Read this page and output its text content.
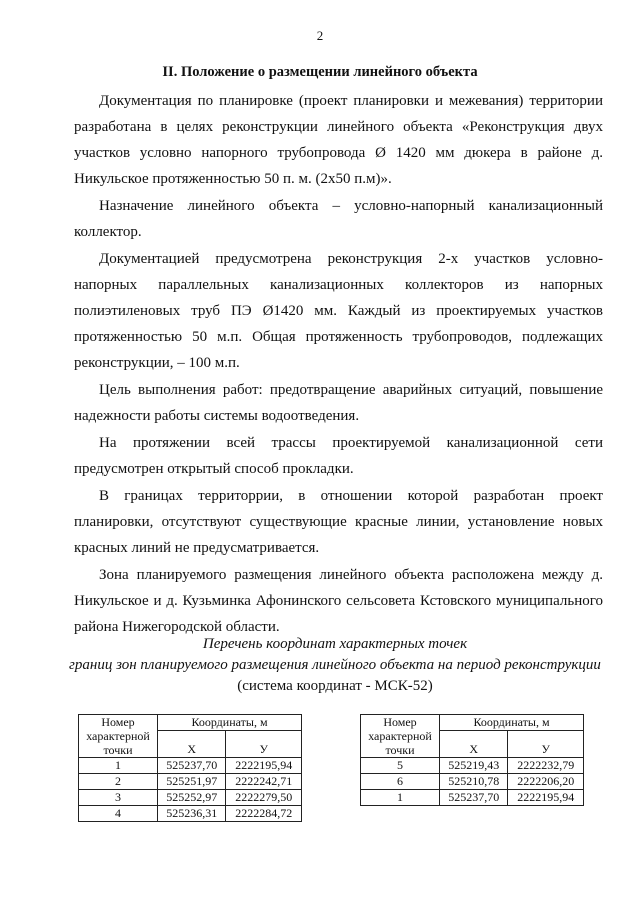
2
II. Положение о размещении линейного объекта

Документация по планировке (проект планировки и межевания) территории разработана в целях реконструкции линейного объекта «Реконструкция двух участков условно напорного трубопровода Ø 1420 мм дюкера в районе д. Никульское протяженностью 50 п. м. (2х50 п.м)».

Назначение линейного объекта – условно-напорный канализационный коллектор.

Документацией предусмотрена реконструкция 2-х участков условно-напорных параллельных канализационных коллекторов из напорных полиэтиленовых труб ПЭ Ø1420 мм. Каждый из проектируемых участков протяженностью 50 м.п. Общая протяженность трубопроводов, подлежащих реконструкции, – 100 м.п.

Цель выполнения работ: предотвращение аварийных ситуаций, повышение надежности работы системы водоотведения.

На протяжении всей трассы проектируемой канализационной сети предусмотрен открытый способ прокладки.

В границах территоррии, в отношении которой разработан проект планировки, отсутствуют существующие красные линии, установление новых красных линий не предусматривается.

Зона планируемого размещения линейного объекта расположена между д. Никульское и д. Кузьминка Афонинского сельсовета Кстовского муниципального района Нижегородской области.

Перечень координат характерных точек
границ зон планируемого размещения линейного объекта на период реконструкции
(система координат - МСК-52)
Номер характерной точки	Координаты, м	
	X	У
1	525237,70	2222195,94
2	525251,97	2222242,71
3	525252,97	2222279,50
4	525236,31	2222284,72
Номер характерной точки	Координаты, м	
	X	У
5	525219,43	2222232,79
6	525210,78	2222206,20
1	525237,70	2222195,94
